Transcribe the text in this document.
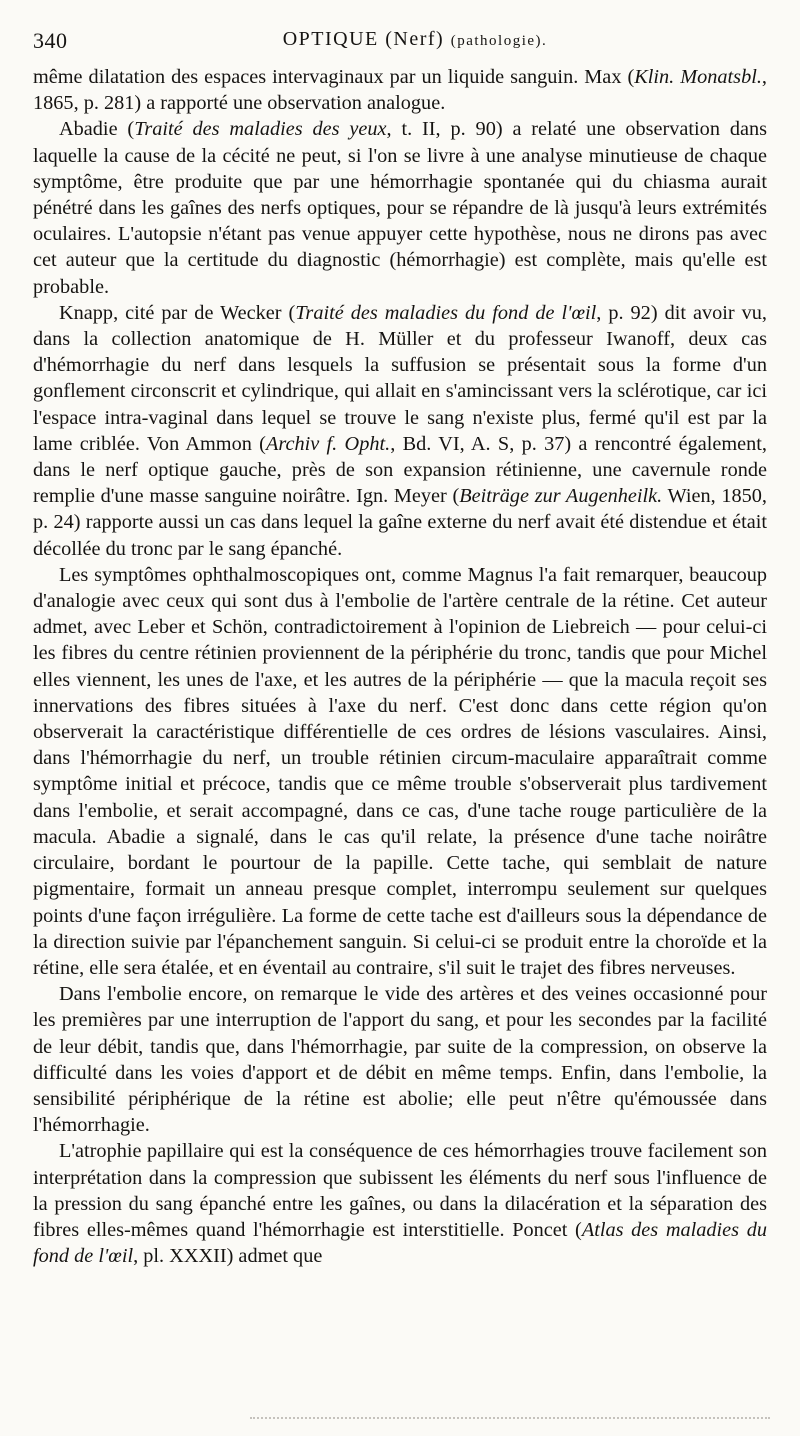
340	OPTIQUE (Nerf) (pathologie).

même dilatation des espaces intervaginaux par un liquide sanguin. Max (Klin. Monatsbl., 1865, p. 281) a rapporté une observation analogue.

Abadie (Traité des maladies des yeux, t. II, p. 90) a relaté une observation dans laquelle la cause de la cécité ne peut, si l'on se livre à une analyse minutieuse de chaque symptôme, être produite que par une hémorrhagie spontanée qui du chiasma aurait pénétré dans les gaînes des nerfs optiques, pour se répandre de là jusqu'à leurs extrémités oculaires. L'autopsie n'étant pas venue appuyer cette hypothèse, nous ne dirons pas avec cet auteur que la certitude du diagnostic (hémorrhagie) est complète, mais qu'elle est probable.

Knapp, cité par de Wecker (Traité des maladies du fond de l'œil, p. 92) dit avoir vu, dans la collection anatomique de H. Müller et du professeur Iwanoff, deux cas d'hémorrhagie du nerf dans lesquels la suffusion se présentait sous la forme d'un gonflement circonscrit et cylindrique, qui allait en s'amincissant vers la sclérotique, car ici l'espace intra-vaginal dans lequel se trouve le sang n'existe plus, fermé qu'il est par la lame criblée. Von Ammon (Archiv f. Opht., Bd. VI, A. S, p. 37) a rencontré également, dans le nerf optique gauche, près de son expansion rétinienne, une cavernule ronde remplie d'une masse sanguine noirâtre. Ign. Meyer (Beiträge zur Augenheilk. Wien, 1850, p. 24) rapporte aussi un cas dans lequel la gaîne externe du nerf avait été distendue et était décollée du tronc par le sang épanché.

Les symptômes ophthalmoscopiques ont, comme Magnus l'a fait remarquer, beaucoup d'analogie avec ceux qui sont dus à l'embolie de l'artère centrale de la rétine. Cet auteur admet, avec Leber et Schön, contradictoirement à l'opinion de Liebreich — pour celui-ci les fibres du centre rétinien proviennent de la périphérie du tronc, tandis que pour Michel elles viennent, les unes de l'axe, et les autres de la périphérie — que la macula reçoit ses innervations des fibres situées à l'axe du nerf. C'est donc dans cette région qu'on observerait la caractéristique différentielle de ces ordres de lésions vasculaires. Ainsi, dans l'hémorrhagie du nerf, un trouble rétinien circum-maculaire apparaîtrait comme symptôme initial et précoce, tandis que ce même trouble s'observerait plus tardivement dans l'embolie, et serait accompagné, dans ce cas, d'une tache rouge particulière de la macula. Abadie a signalé, dans le cas qu'il relate, la présence d'une tache noirâtre circulaire, bordant le pourtour de la papille. Cette tache, qui semblait de nature pigmentaire, formait un anneau presque complet, interrompu seulement sur quelques points d'une façon irrégulière. La forme de cette tache est d'ailleurs sous la dépendance de la direction suivie par l'épanchement sanguin. Si celui-ci se produit entre la choroïde et la rétine, elle sera étalée, et en éventail au contraire, s'il suit le trajet des fibres nerveuses.

Dans l'embolie encore, on remarque le vide des artères et des veines occasionné pour les premières par une interruption de l'apport du sang, et pour les secondes par la facilité de leur débit, tandis que, dans l'hémorrhagie, par suite de la compression, on observe la difficulté dans les voies d'apport et de débit en même temps. Enfin, dans l'embolie, la sensibilité périphérique de la rétine est abolie; elle peut n'être qu'émoussée dans l'hémorrhagie.

L'atrophie papillaire qui est la conséquence de ces hémorrhagies trouve facilement son interprétation dans la compression que subissent les éléments du nerf sous l'influence de la pression du sang épanché entre les gaînes, ou dans la dilacération et la séparation des fibres elles-mêmes quand l'hémorrhagie est interstitielle. Poncet (Atlas des maladies du fond de l'œil, pl. XXXII) admet que
